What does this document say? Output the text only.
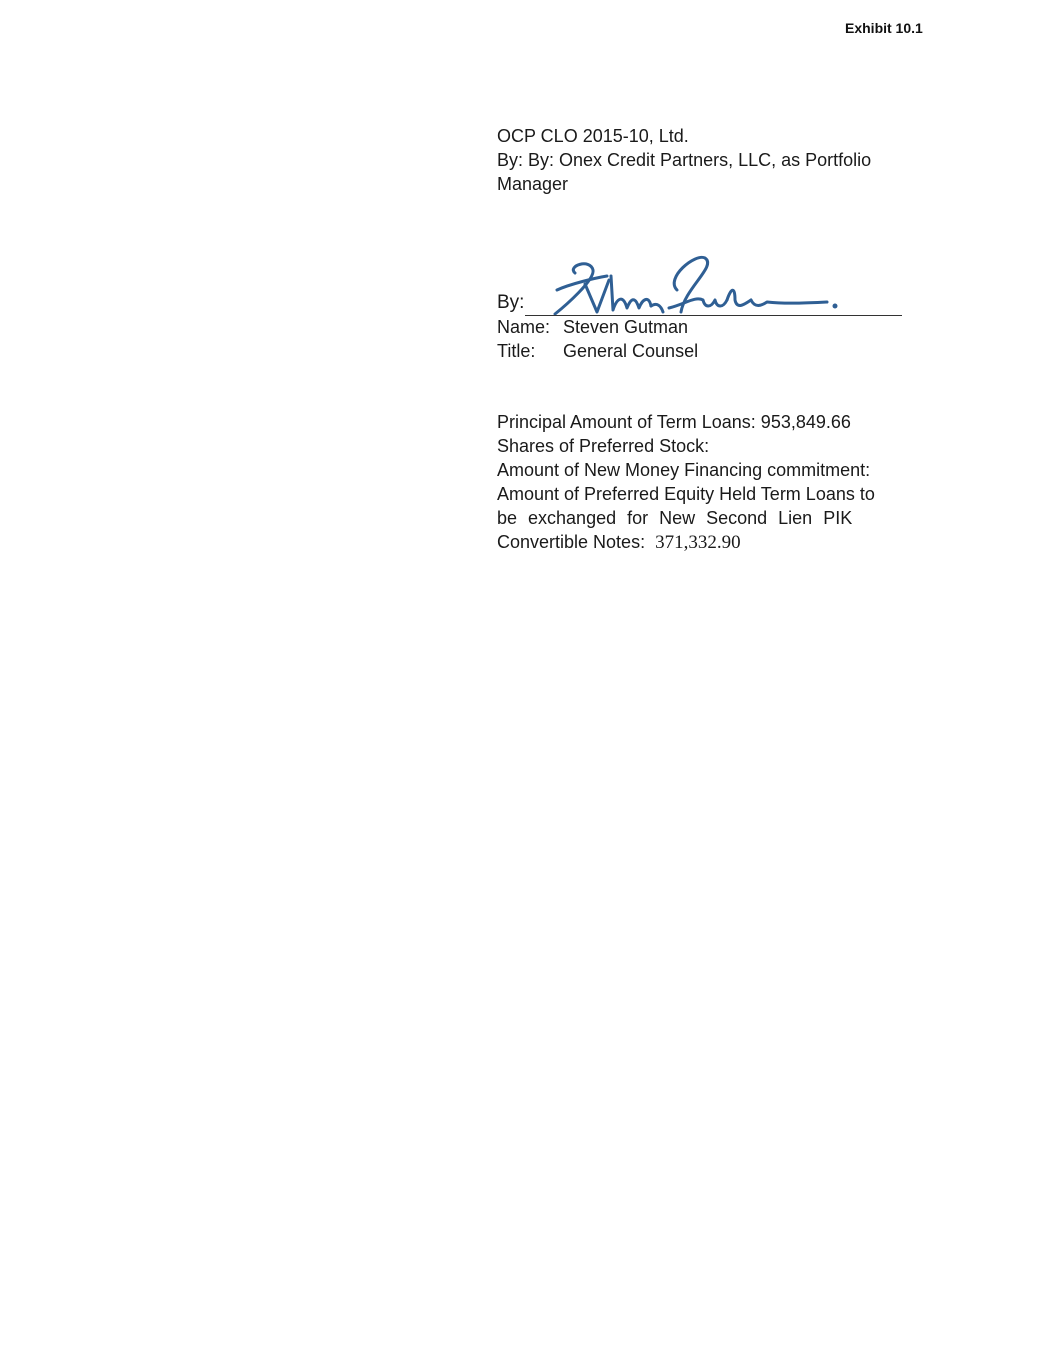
Exhibit 10.1
OCP CLO 2015-10, Ltd.
By: By: Onex Credit Partners, LLC, as Portfolio
Manager
By:
Name: Steven Gutman
Title:	General Counsel
Principal Amount of Term Loans: 953,849.66
Shares of Preferred Stock:
Amount of New Money Financing commitment:
Amount of Preferred Equity Held Term Loans to
be exchanged for New Second Lien PIK
Convertible Notes: 371,332.90
